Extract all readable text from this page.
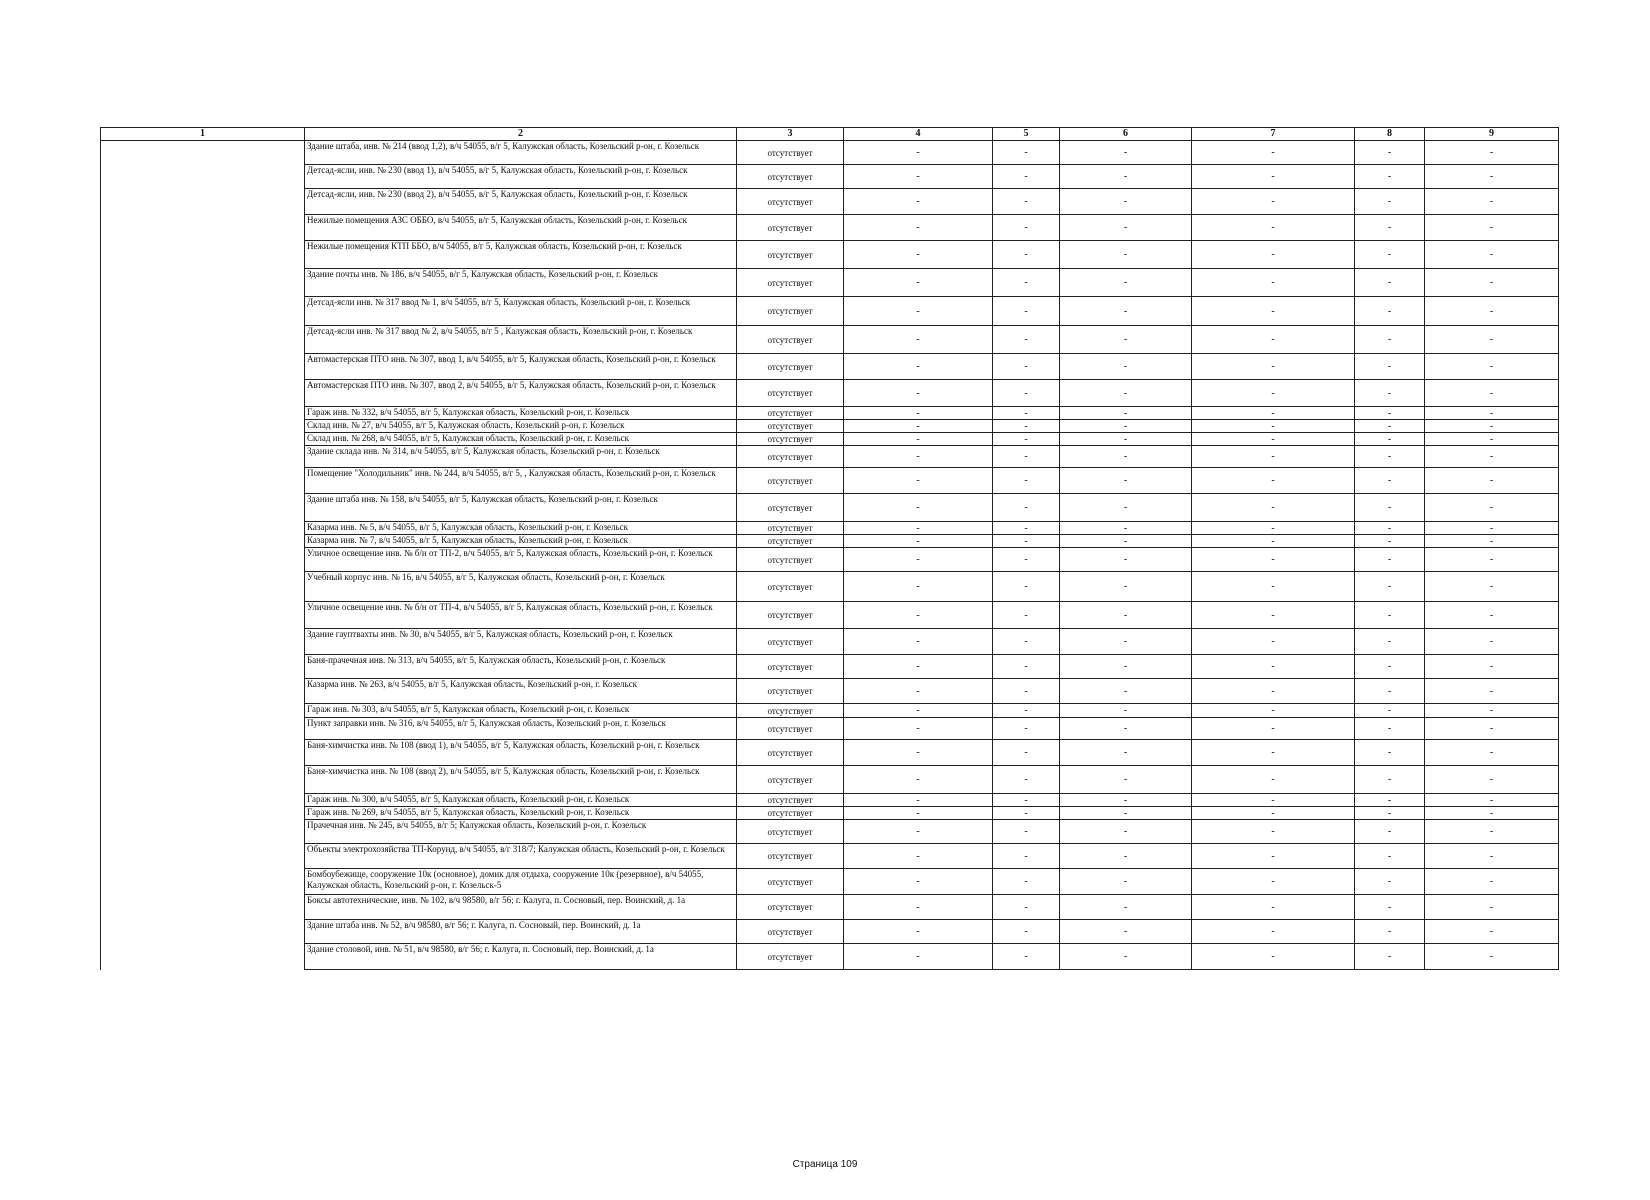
1	2	3	4	5	6	7	8	9
	Здание штаба, инв. № 214 (ввод 1,2), в/ч 54055, в/г 5, Калужская область, Козельский р-он, г. Козельск	отсутствует	-	-	-	-	-	-
	Детсад-ясли, инв. № 230 (ввод 1), в/ч 54055, в/г 5, Калужская область, Козельский р-он, г. Козельск	отсутствует	-	-	-	-	-	-
	Детсад-ясли, инв. № 230 (ввод 2), в/ч 54055, в/г 5, Калужская область, Козельский р-он, г. Козельск	отсутствует	-	-	-	-	-	-
	Нежилые помещения АЗС ОББО, в/ч 54055, в/г 5, Калужская область, Козельский р-он, г. Козельск	отсутствует	-	-	-	-	-	-
	Нежилые помещения КТП ББО, в/ч 54055, в/г 5, Калужская область, Козельский р-он, г. Козельск	отсутствует	-	-	-	-	-	-
	Здание почты инв. № 186, в/ч 54055, в/г 5, Калужская область, Козельский р-он, г. Козельск	отсутствует	-	-	-	-	-	-
	Детсад-ясли инв. № 317 ввод № 1, в/ч 54055, в/г 5, Калужская область, Козельский р-он, г. Козельск	отсутствует	-	-	-	-	-	-
	Детсад-ясли инв. № 317 ввод № 2, в/ч 54055, в/г 5 , Калужская область, Козельский р-он, г. Козельск	отсутствует	-	-	-	-	-	-
	Автомастерская ПТО инв. № 307, ввод 1, в/ч 54055, в/г 5, Калужская область, Козельский р-он, г. Козельск	отсутствует	-	-	-	-	-	-
	Автомастерская ПТО инв. № 307, ввод 2, в/ч 54055, в/г 5, Калужская область, Козельский р-он, г. Козельск	отсутствует	-	-	-	-	-	-
	Гараж инв. № 332, в/ч 54055, в/г 5, Калужская область, Козельский р-он, г. Козельск	отсутствует	-	-	-	-	-	-
	Склад инв. № 27, в/ч 54055, в/г 5, Калужская область, Козельский р-он, г. Козельск	отсутствует	-	-	-	-	-	-
	Склад инв. № 268, в/ч 54055, в/г 5, Калужская область, Козельский р-он, г. Козельск	отсутствует	-	-	-	-	-	-
	Здание склада инв. № 314, в/ч 54055, в/г 5, Калужская область, Козельский р-он, г. Козельск	отсутствует	-	-	-	-	-	-
	Помещение "Холодильник" инв. № 244, в/ч 54055, в/г 5, , Калужская область, Козельский р-он, г. Козельск	отсутствует	-	-	-	-	-	-
	Здание штаба инв. № 158, в/ч 54055, в/г 5, Калужская область, Козельский р-он, г. Козельск	отсутствует	-	-	-	-	-	-
	Казарма инв. № 5, в/ч 54055, в/г 5, Калужская область, Козельский р-он, г. Козельск	отсутствует	-	-	-	-	-	-
	Казарма инв. № 7, в/ч 54055, в/г 5, Калужская область, Козельский р-он, г. Козельск	отсутствует	-	-	-	-	-	-
	Уличное освещение инв. № б/н от ТП-2, в/ч 54055, в/г 5, Калужская область, Козельский р-он, г. Козельск	отсутствует	-	-	-	-	-	-
	Учебный корпус инв. № 16, в/ч 54055, в/г 5, Калужская область, Козельский р-он, г. Козельск	отсутствует	-	-	-	-	-	-
	Уличное освещение инв. № б/н от ТП-4, в/ч 54055, в/г 5, Калужская область, Козельский р-он, г. Козельск	отсутствует	-	-	-	-	-	-
	Здание гауптвахты инв. № 30, в/ч 54055, в/г 5, Калужская область, Козельский р-он, г. Козельск	отсутствует	-	-	-	-	-	-
	Баня-прачечная инв. № 313, в/ч 54055, в/г 5, Калужская область, Козельский р-он, г. Козельск	отсутствует	-	-	-	-	-	-
	Казарма инв. № 263, в/ч 54055, в/г 5, Калужская область, Козельский р-он, г. Козельск	отсутствует	-	-	-	-	-	-
	Гараж инв. № 303, в/ч 54055, в/г 5, Калужская область, Козельский р-он, г. Козельск	отсутствует	-	-	-	-	-	-
	Пункт заправки инв. № 316, в/ч 54055, в/г 5, Калужская область, Козельский р-он, г. Козельск	отсутствует	-	-	-	-	-	-
	Баня-химчистка инв. № 108 (ввод 1), в/ч 54055, в/г 5, Калужская область, Козельский р-он, г. Козельск	отсутствует	-	-	-	-	-	-
	Баня-химчистка инв. № 108 (ввод 2), в/ч 54055, в/г 5, Калужская область, Козельский р-он, г. Козельск	отсутствует	-	-	-	-	-	-
	Гараж инв. № 300, в/ч 54055, в/г 5, Калужская область, Козельский р-он, г. Козельск	отсутствует	-	-	-	-	-	-
	Гараж инв. № 269, в/ч 54055, в/г 5, Калужская область, Козельский р-он, г. Козельск	отсутствует	-	-	-	-	-	-
	Прачечная инв. № 245, в/ч 54055, в/г 5; Калужская область, Козельский р-он, г. Козельск	отсутствует	-	-	-	-	-	-
	Объекты электрохозяйства ТП-Корунд, в/ч 54055, в/г 318/7; Калужская область, Козельский р-он, г. Козельск	отсутствует	-	-	-	-	-	-
	Бомбоубежище, сооружение 10к (основное), домик для отдыха, сооружение 10к (резервное), в/ч 54055, Калужская область, Козельский р-он, г. Козельск-5	отсутствует	-	-	-	-	-	-
	Боксы автотехнические, инв. № 102, в/ч 98580, в/г 56; г. Калуга, п. Сосновый, пер. Воинский, д. 1а	отсутствует	-	-	-	-	-	-
	Здание штаба инв. № 52, в/ч 98580, в/г 56; г. Калуга, п. Сосновый, пер. Воинский, д. 1а	отсутствует	-	-	-	-	-	-
	Здание столовой, инв. № 51, в/ч 98580, в/г 56; г. Калуга, п. Сосновый, пер. Воинский, д. 1а	отсутствует	-	-	-	-	-	-
Страница 109
